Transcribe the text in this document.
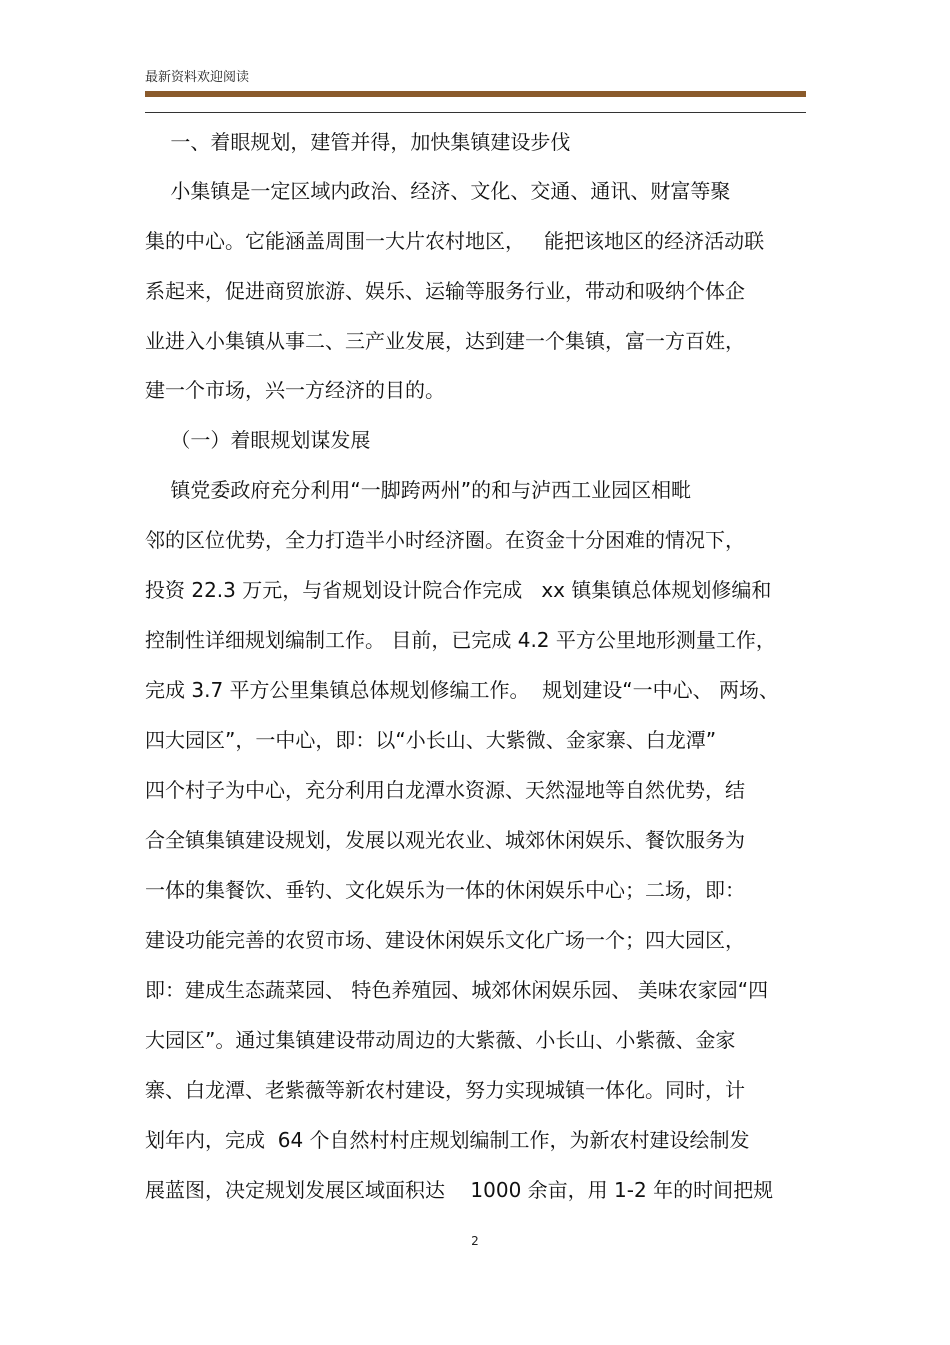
最新资料欢迎阅读
一、着眼规划，建管并得，加快集镇建设步伐
小集镇是一定区域内政治、经济、文化、交通、通讯、财富等聚
集的中心。它能涵盖周围一大片农村地区，   能把该地区的经济活动联
系起来，促进商贸旅游、娱乐、运输等服务行业，带动和吸纳个体企
业进入小集镇从事二、三产业发展，达到建一个集镇，富一方百姓，
建一个市场，兴一方经济的目的。
（一）着眼规划谋发展
镇党委政府充分利用“一脚跨两州”的和与泸西工业园区相毗
邻的区位优势，全力打造半小时经济圈。在资金十分困难的情况下，
投资 22.3 万元，与省规划设计院合作完成   xx 镇集镇总体规划修编和
控制性详细规划编制工作。 目前，已完成 4.2 平方公里地形测量工作，
完成 3.7 平方公里集镇总体规划修编工作。  规划建设“一中心、 两场、
四大园区”，一中心，即：以“小长山、大紫微、金家寨、白龙潭”
四个村子为中心，充分利用白龙潭水资源、天然湿地等自然优势，结
合全镇集镇建设规划，发展以观光农业、城郊休闲娱乐、餐饮服务为
一体的集餐饮、垂钓、文化娱乐为一体的休闲娱乐中心；二场，即：
建设功能完善的农贸市场、建设休闲娱乐文化广场一个；四大园区，
即：建成生态蔬菜园、 特色养殖园、城郊休闲娱乐园、 美味农家园“四
大园区”。通过集镇建设带动周边的大紫薇、小长山、小紫薇、金家
寨、白龙潭、老紫薇等新农村建设，努力实现城镇一体化。同时，计
划年内，完成  64 个自然村村庄规划编制工作，为新农村建设绘制发
展蓝图，决定规划发展区域面积达    1000 余亩，用 1-2 年的时间把规
2
